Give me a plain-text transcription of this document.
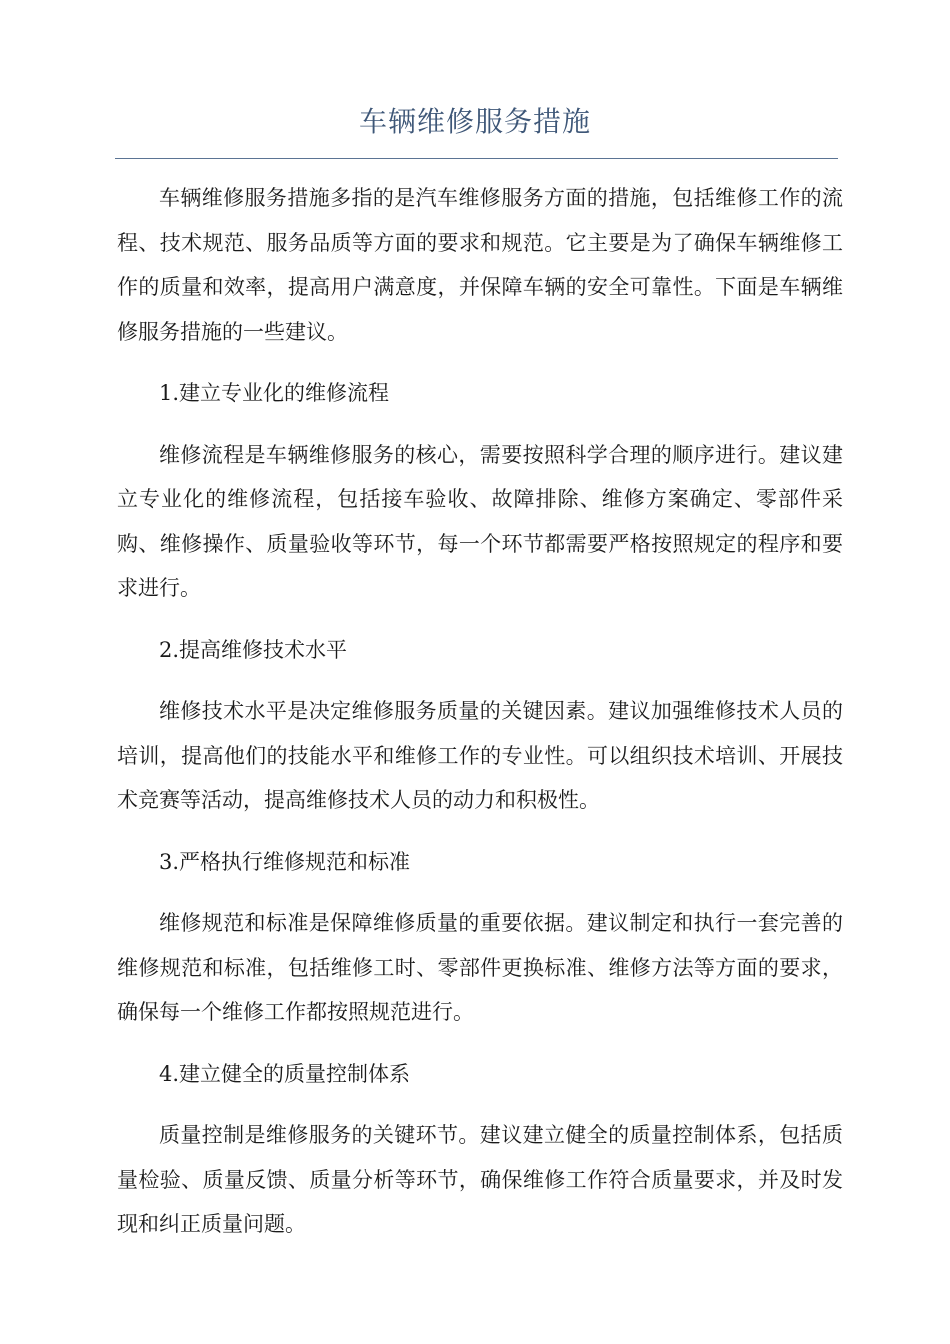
车辆维修服务措施

车辆维修服务措施多指的是汽车维修服务方面的措施，包括维修工作的流程、技术规范、服务品质等方面的要求和规范。它主要是为了确保车辆维修工作的质量和效率，提高用户满意度，并保障车辆的安全可靠性。下面是车辆维修服务措施的一些建议。

1.建立专业化的维修流程

维修流程是车辆维修服务的核心，需要按照科学合理的顺序进行。建议建立专业化的维修流程，包括接车验收、故障排除、维修方案确定、零部件采购、维修操作、质量验收等环节，每一个环节都需要严格按照规定的程序和要求进行。

2.提高维修技术水平

维修技术水平是决定维修服务质量的关键因素。建议加强维修技术人员的培训，提高他们的技能水平和维修工作的专业性。可以组织技术培训、开展技术竞赛等活动，提高维修技术人员的动力和积极性。

3.严格执行维修规范和标准

维修规范和标准是保障维修质量的重要依据。建议制定和执行一套完善的维修规范和标准，包括维修工时、零部件更换标准、维修方法等方面的要求，确保每一个维修工作都按照规范进行。

4.建立健全的质量控制体系

质量控制是维修服务的关键环节。建议建立健全的质量控制体系，包括质量检验、质量反馈、质量分析等环节，确保维修工作符合质量要求，并及时发现和纠正质量问题。
